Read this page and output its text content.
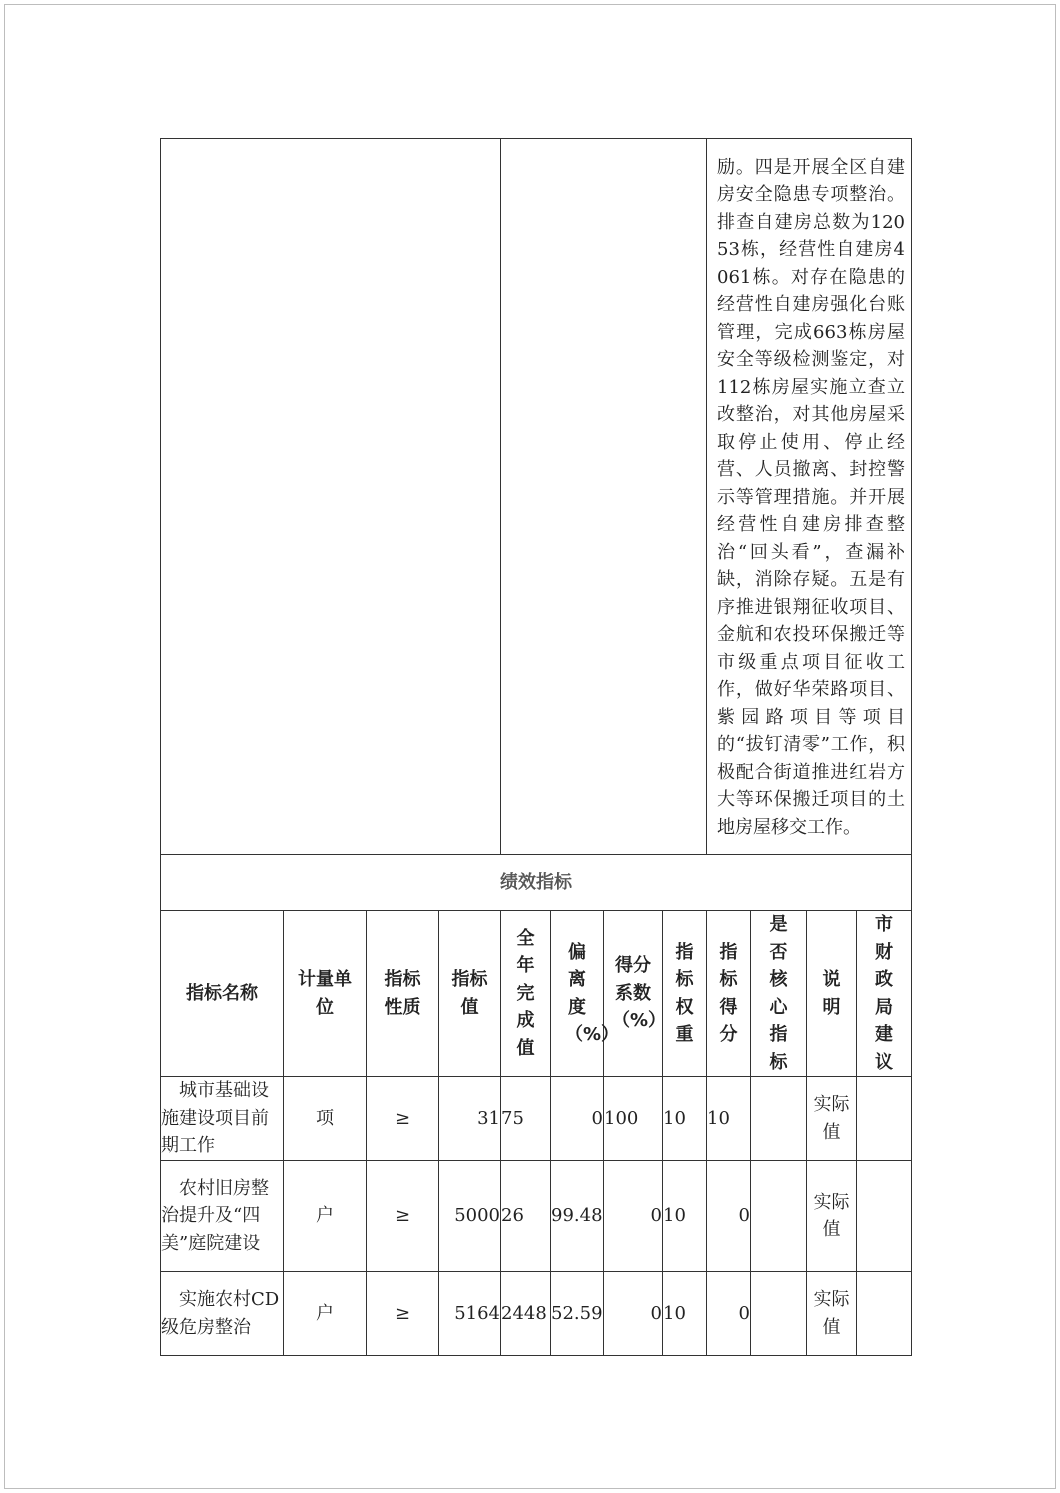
								励。四是开展全区自建房安全隐患专项整治。排查自建房总数为12053栋，经营性自建房4061栋。对存在隐患的经营性自建房强化台账管理，完成663栋房屋安全等级检测鉴定，对112栋房屋实施立查立改整治，对其他房屋采取停止使用、停止经营、人员撤离、封控警示等管理措施。并开展经营性自建房排查整治“回头看”，查漏补缺，消除存疑。五是有序推进银翔征收项目、金航和农投环保搬迁等市级重点项目征收工作，做好华荣路项目、紫园路项目等项目的“拔钉清零”工作，积极配合街道推进红岩方大等环保搬迁项目的土地房屋移交工作。			
绩效指标											
指标名称	计量单位	指标性质	指标值	全年完成值	偏离度（%）	得分系数（%）	指标权重	指标得分	是否核心指标	说明	市财政局建议
城市基础设施建设项目前期工作	项	≥	31	75	0	100	10	10		实际值	
农村旧房整治提升及“四美”庭院建设	户	≥	5000	26	99.48	0	10	0		实际值	
实施农村CD级危房整治	户	≥	5164	2448	52.59	0	10	0		实际值	
